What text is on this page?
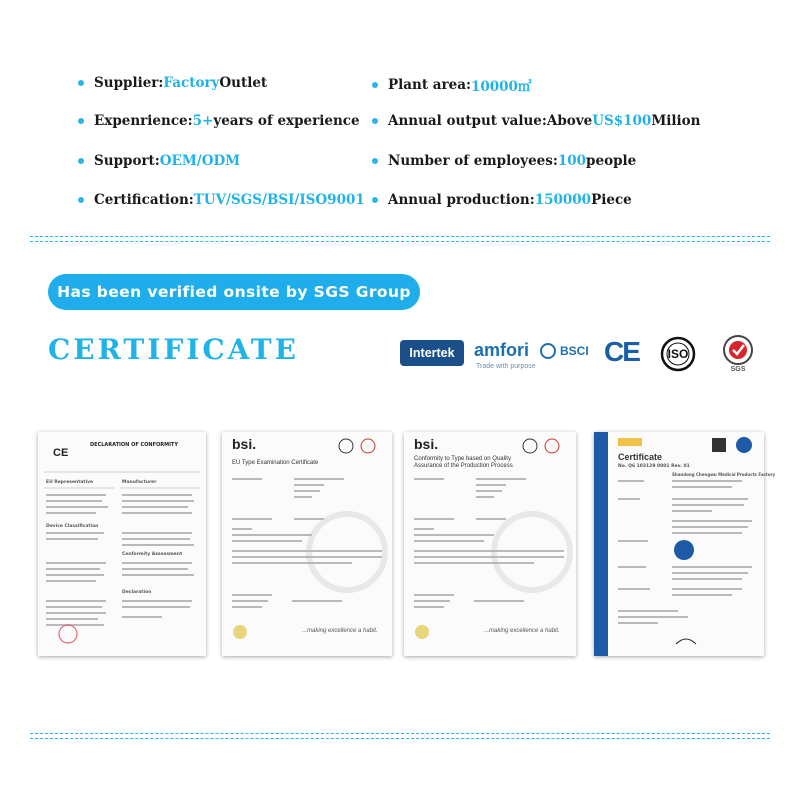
Supplier: Factory Outlet	Plant area: 10000㎡
Expenrience: 5+ years of experience Annual output value:Above US$100 Milion
Support: OEM/ODM	Number of employees: 100 people
Certification: TUV/SGS/BSI/ISO9001 Annual production: 150000 Piece
Has been verified onsite by SGS Group
CERTIFICATE	Intertek amfori	BSCI
Trade with purpose CE	ISO
SGS
CE
DECLARATION OF CONFORMITY
EU Representative	Manufacturer
Device Classification
Conformity Assessment
Declaration
bsi.
EU Type Examination Certificate
...making excellence a habit.
bsi.
Conformity to Type based on Quality Assurance of the Production Process
...making excellence a habit.
Certificate
No. Q6 103129 0001 Rev. 01
Shandong Chengwu Medical Products Factory
